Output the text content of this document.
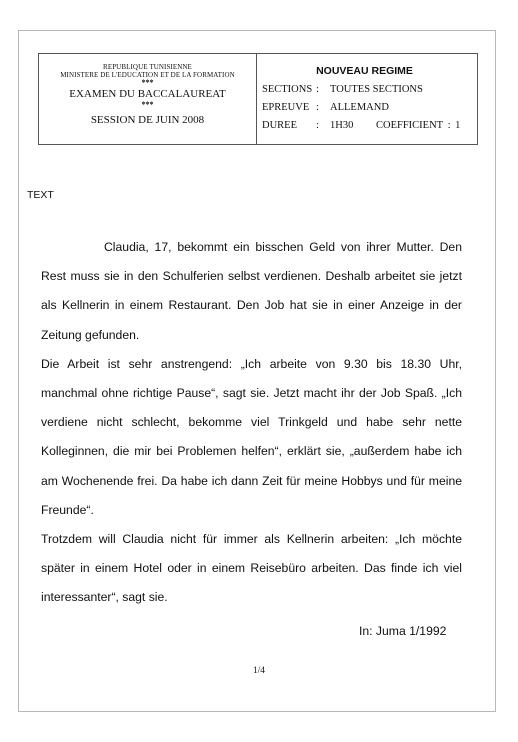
REPUBLIQUE TUNISIENNE
MINISTERE DE L'EDUCATION ET DE LA FORMATION
***
EXAMEN DU BACCALAUREAT
***
SESSION DE JUIN 2008
NOUVEAU REGIME
SECTIONS :	TOUTES SECTIONS
EPREUVE :	ALLEMAND
DUREE	:	1H30	COEFFICIENT : 1
TEXT

Claudia, 17, bekommt ein bisschen Geld von ihrer Mutter. Den Rest muss sie in den Schulferien selbst verdienen. Deshalb arbeitet sie jetzt als Kellnerin in einem Restaurant. Den Job hat sie in einer Anzeige in der Zeitung gefunden.

Die Arbeit ist sehr anstrengend: „Ich arbeite von 9.30 bis 18.30 Uhr, manchmal ohne richtige Pause“, sagt sie. Jetzt macht ihr der Job Spaß. „Ich verdiene nicht schlecht, bekomme viel Trinkgeld und habe sehr nette Kolleginnen, die mir bei Problemen helfen“, erklärt sie, „außerdem habe ich am Wochenende frei. Da habe ich dann Zeit für meine Hobbys und für meine Freunde“.

Trotzdem will Claudia nicht für immer als Kellnerin arbeiten: „Ich möchte später in einem Hotel oder in einem Reisebüro arbeiten. Das finde ich viel interessanter“, sagt sie.

In: Juma 1/1992
1/4
